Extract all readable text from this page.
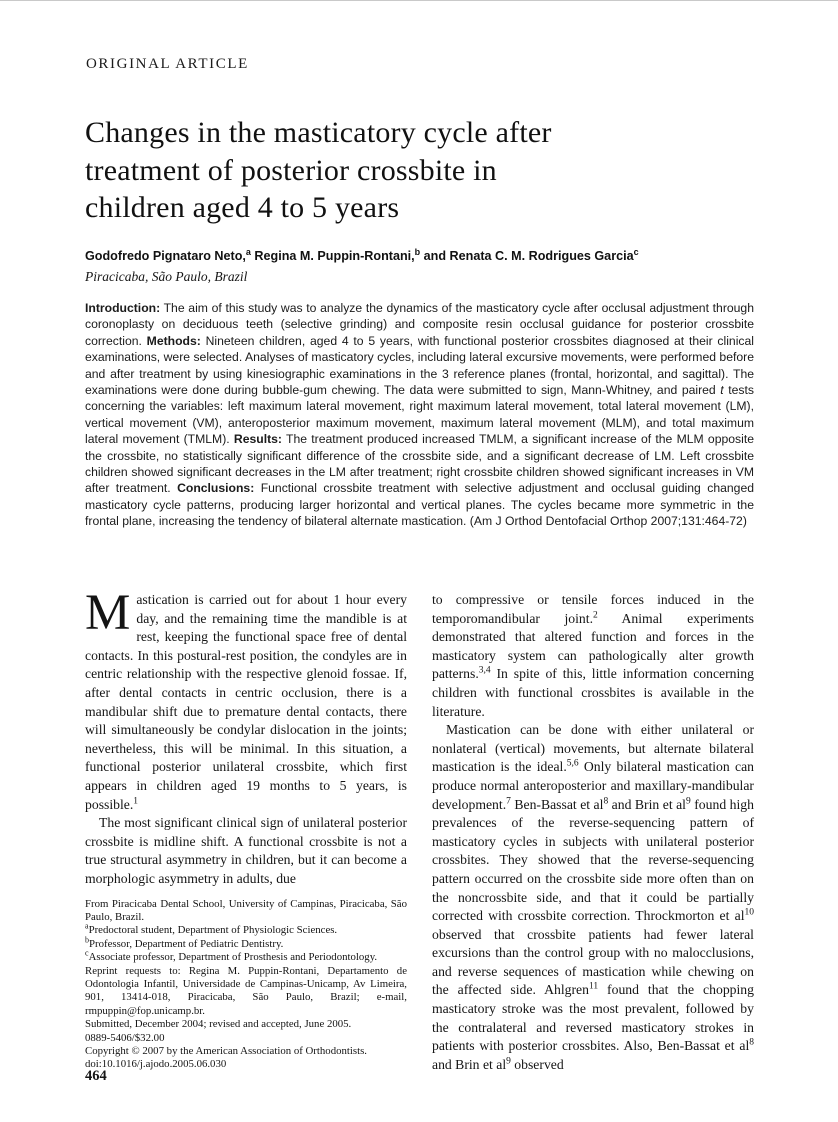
ORIGINAL ARTICLE
Changes in the masticatory cycle after
treatment of posterior crossbite in
children aged 4 to 5 years
Godofredo Pignataro Neto,$^a$ Regina M. Puppin-Rontani,$^b$ and Renata C. M. Rodrigues Garcia$^c$
Piracicaba, São Paulo, Brazil
Introduction: The aim of this study was to analyze the dynamics of the masticatory cycle after occlusal adjustment through coronoplasty on deciduous teeth (selective grinding) and composite resin occlusal guidance for posterior crossbite correction. Methods: Nineteen children, aged 4 to 5 years, with functional posterior crossbites diagnosed at their clinical examinations, were selected. Analyses of masticatory cycles, including lateral excursive movements, were performed before and after treatment by using kinesiographic examinations in the 3 reference planes (frontal, horizontal, and sagittal). The examinations were done during bubble-gum chewing. The data were submitted to sign, Mann-Whitney, and paired t tests concerning the variables: left maximum lateral movement, right maximum lateral movement, total lateral movement (LM), vertical movement (VM), anteroposterior maximum movement, maximum lateral movement (MLM), and total maximum lateral movement (TMLM). Results: The treatment produced increased TMLM, a significant increase of the MLM opposite the crossbite, no statistically significant difference of the crossbite side, and a significant decrease of LM. Left crossbite children showed significant decreases in the LM after treatment; right crossbite children showed significant increases in VM after treatment. Conclusions: Functional crossbite treatment with selective adjustment and occlusal guiding changed masticatory cycle patterns, producing larger horizontal and vertical planes. The cycles became more symmetric in the frontal plane, increasing the tendency of bilateral alternate mastication. (Am J Orthod Dentofacial Orthop 2007;131:464-72)

Mastication is carried out for about 1 hour every day, and the remaining time the mandible is at rest, keeping the functional space free of dental contacts. In this postural-rest position, the condyles are in centric relationship with the respective glenoid fossae. If, after dental contacts in centric occlusion, there is a mandibular shift due to premature dental contacts, there will simultaneously be condylar dislocation in the joints; nevertheless, this will be minimal. In this situation, a functional posterior unilateral crossbite, which first appears in children aged 19 months to 5 years, is possible.$^1$

The most significant clinical sign of unilateral posterior crossbite is midline shift. A functional crossbite is not a true structural asymmetry in children, but it can become a morphologic asymmetry in adults, due

From Piracicaba Dental School, University of Campinas, Piracicaba, São Paulo, Brazil.

$^a$Predoctoral student, Department of Physiologic Sciences.

$^b$Professor, Department of Pediatric Dentistry.

$^c$Associate professor, Department of Prosthesis and Periodontology.

Reprint requests to: Regina M. Puppin-Rontani, Departamento de Odontologia Infantil, Universidade de Campinas-Unicamp, Av Limeira, 901, 13414-018, Piracicaba, São Paulo, Brazil; e-mail, rmpuppin@fop.unicamp.br.

Submitted, December 2004; revised and accepted, June 2005.

0889-5406/$32.00

Copyright © 2007 by the American Association of Orthodontists.

doi:10.1016/j.ajodo.2005.06.030

to compressive or tensile forces induced in the temporomandibular joint.$^2$ Animal experiments demonstrated that altered function and forces in the masticatory system can pathologically alter growth patterns.$^{3,4}$ In spite of this, little information concerning children with functional crossbites is available in the literature.

Mastication can be done with either unilateral or nonlateral (vertical) movements, but alternate bilateral mastication is the ideal.$^{5,6}$ Only bilateral mastication can produce normal anteroposterior and maxillary-mandibular development.$^7$ Ben-Bassat et $al^8$ and Brin et $al^9$ found high prevalences of the reverse-sequencing pattern of masticatory cycles in subjects with unilateral posterior crossbites. They showed that the reverse-sequencing pattern occurred on the crossbite side more often than on the noncrossbite side, and that it could be partially corrected with crossbite correction. Throckmorton et $al^{10}$ observed that crossbite patients had fewer lateral excursions than the control group with no malocclusions, and reverse sequences of mastication while chewing on the affected side. Ahlgren$^{11}$ found that the chopping masticatory stroke was the most prevalent, followed by the contralateral and reversed masticatory strokes in patients with posterior crossbites. Also, Ben-Bassat et $al^8$ and Brin et $al^9$ observed

464
